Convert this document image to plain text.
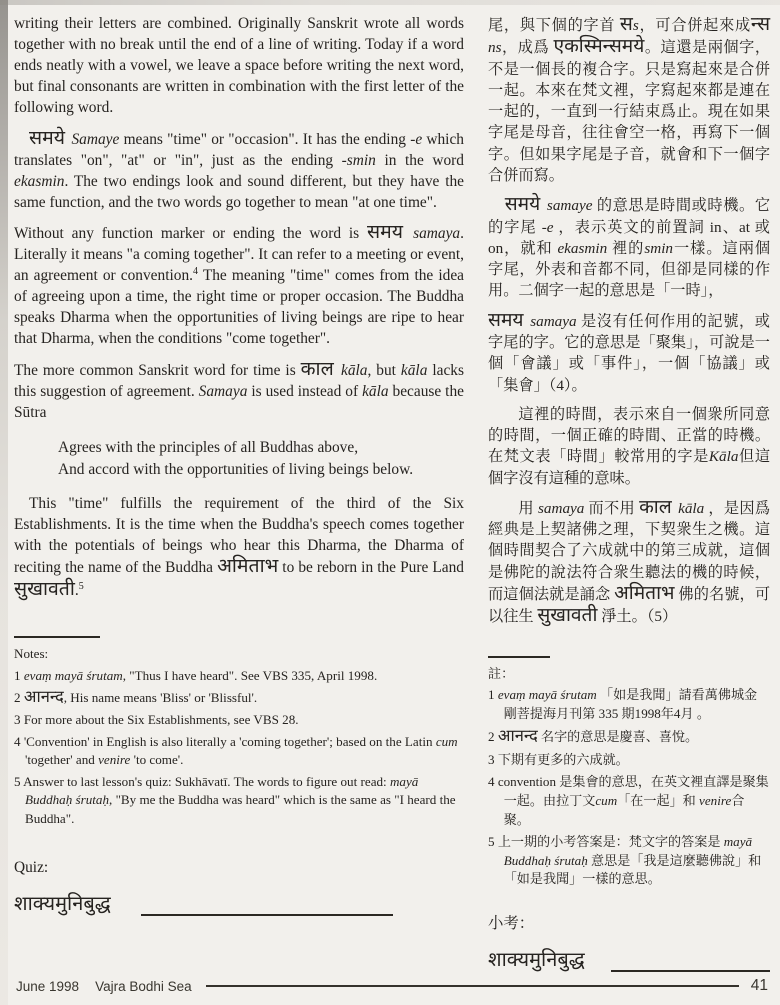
writing their letters are combined. Originally Sanskrit wrote all words together with no break until the end of a line of writing. Today if a word ends neatly with a vowel, we leave a space before writing the next word, but final consonants are written in combination with the first letter of the following word.

समये Samaye means "time" or "occasion". It has the ending -e which translates "on", "at" or "in", just as the ending -smin in the word ekasmin. The two endings look and sound different, but they have the same function, and the two words go together to mean "at one time".

Without any function marker or ending the word is समय samaya. Literally it means "a coming together". It can refer to a meeting or event, an agreement or convention.$^4$ The meaning "time" comes from the idea of agreeing upon a time, the right time or proper occasion. The Buddha speaks Dharma when the opportunities of living beings are ripe to hear that Dharma, when the conditions "come together".

The more common Sanskrit word for time is काल kāla, but kāla lacks this suggestion of agreement. Samaya is used instead of kāla because the Sūtra

Agrees with the principles of all Buddhas above,
And accord with the opportunities of living beings below.

This "time" fulfills the requirement of the third of the Six Establishments. It is the time when the Buddha's speech comes together with the potentials of beings who hear this Dharma, the Dharma of reciting the name of the Buddha अमिताभ to be reborn in the Pure Land सुखावती.$^5$

Notes:

1 evaṃ mayā śrutam, "Thus I have heard". See VBS 335, April 1998.

2 आनन्द, His name means 'Bliss' or 'Blissful'.

3 For more about the Six Establishments, see VBS 28.

4 'Convention' in English is also literally a 'coming together'; based on the Latin cum 'together' and venire 'to come'.

5 Answer to last lesson's quiz: Sukhāvatī. The words to figure out read: mayā Buddhaḥ śrutaḥ, "By me the Buddha was heard" which is the same as "I heard the Buddha".

Quiz:
शाक्यमुनिबुद्ध

尾，與下個的字首 सs，可合併起來成न्स ns，成爲 एकस्मिन्समये。這還是兩個字，不是一個長的複合字。只是寫起來是合併一起。本來在梵文裡，字寫起來都是連在一起的，一直到一行結束爲止。現在如果字尾是母音，往往會空一格，再寫下一個字。但如果字尾是子音，就會和下一個字合併而寫。

समये samaye 的意思是時間或時機。它的字尾 -e ，表示英文的前置詞 in、at 或 on，就和 ekasmin 裡的smin一樣。這兩個字尾，外表和音都不同，但卻是同樣的作用。二個字一起的意思是「一時」，

समय samaya 是沒有任何作用的記號，或字尾的字。它的意思是「聚集」，可說是一個「會議」或「事件」，一個「協議」或「集會」（4）。

這裡的時間，表示來自一個衆所同意的時間，一個正確的時間、正當的時機。在梵文表「時間」較常用的字是Kāla但這個字沒有這種的意味。

用 samaya 而不用 काल kāla ，是因爲經典是上契諸佛之理，下契衆生之機。這個時間契合了六成就中的第三成就，這個是佛陀的說法符合衆生聽法的機的時候，而這個法就是誦念 अमिताभ 佛的名號，可以往生 सुखावती 淨土。（5）

註：

1 evaṃ mayā śrutam 「如是我聞」請看萬佛城金剛菩提海月刊第 335 期1998年4月 。

2 आनन्द 名字的意思是慶喜、喜悅。

3 下期有更多的六成就。

4 convention 是集會的意思，在英文裡直譯是聚集一起。由拉丁文cum「在一起」和 venire合聚。

5 上一期的小考答案是：梵文字的答案是 mayā Buddhaḥ śrutaḥ 意思是「我是這麼聽佛說」和「如是我聞」一樣的意思。

小考：
शाक्यमुनिबुद्ध
June 1998 Vajra Bodhi Sea	41
